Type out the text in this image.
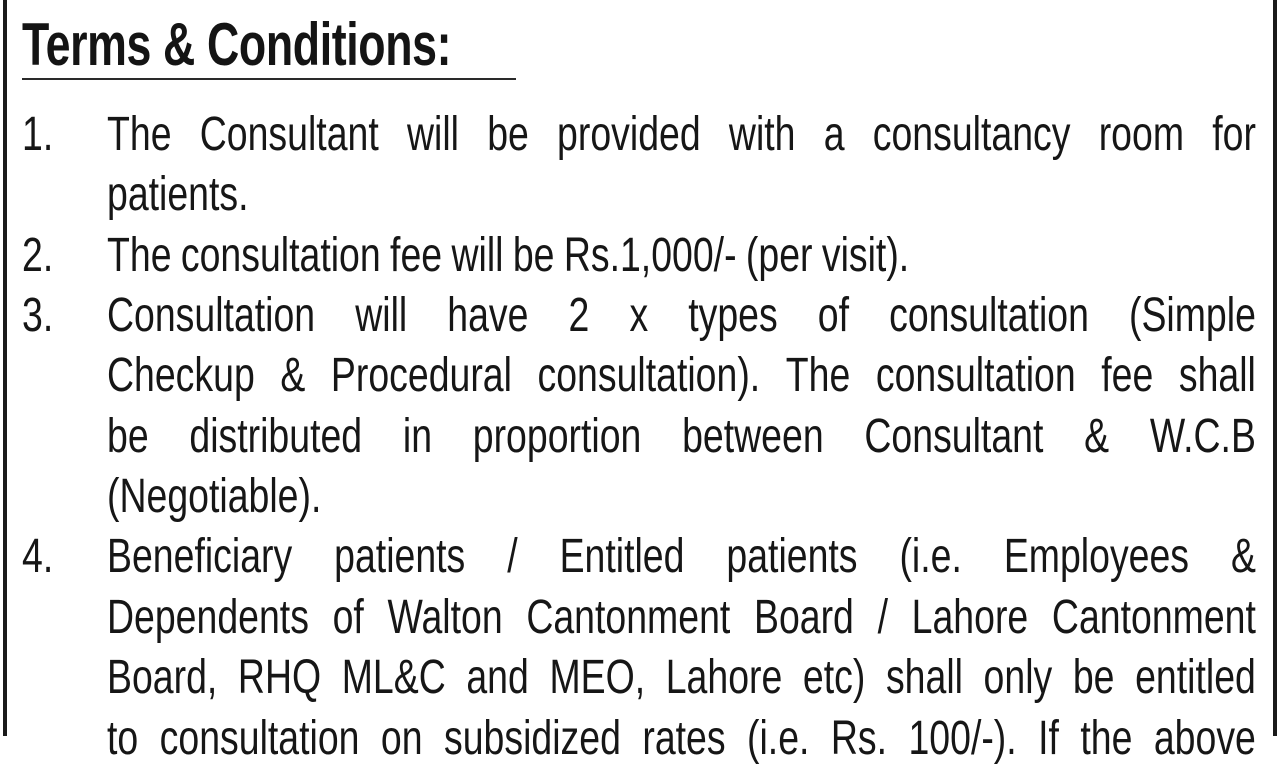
Terms & Conditions:
1. The Consultant will be provided with a consultancy room for
patients.
2. The consultation fee will be Rs.1,000/- (per visit).
3. Consultation will have 2 x types of consultation (Simple
Checkup & Procedural consultation). The consultation fee shall
be distributed in proportion between Consultant & W.C.B
(Negotiable).
4. Beneficiary patients / Entitled patients (i.e. Employees &
Dependents of Walton Cantonment Board / Lahore Cantonment
Board, RHQ ML&C and MEO, Lahore etc) shall only be entitled
to consultation on subsidized rates (i.e. Rs. 100/-). If the above
